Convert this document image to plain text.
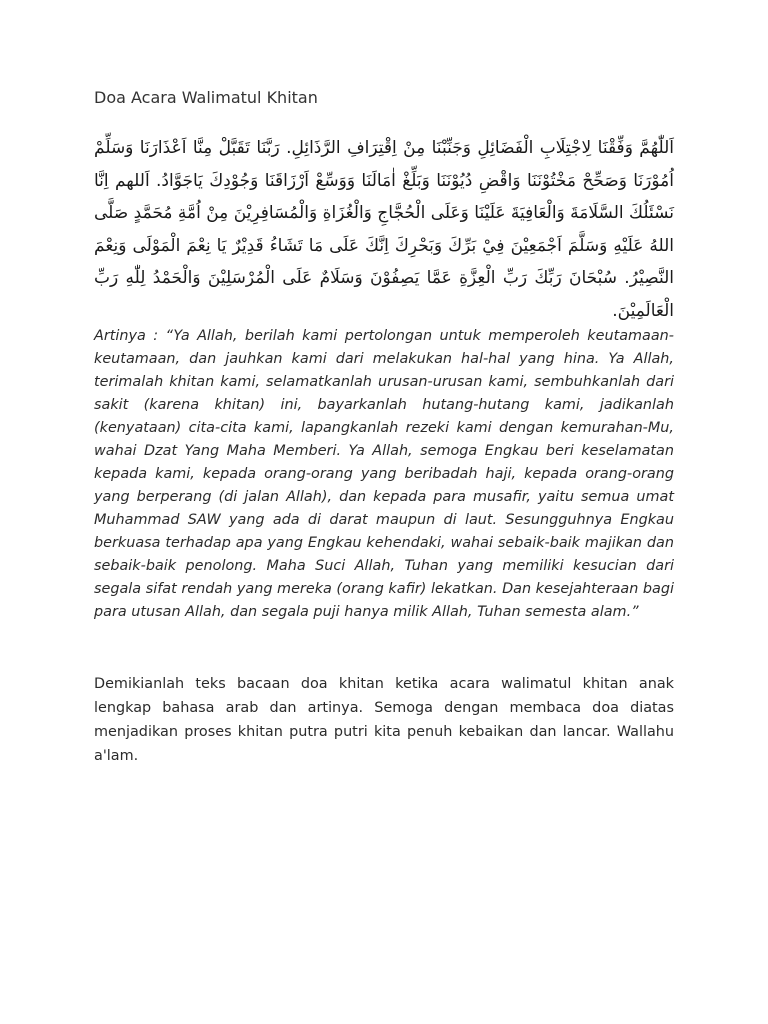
Doa Acara Walimatul Khitan

اَللّٰهُمَّ وَفِّقْنَا لِاجْتِلَابِ الْفَضَائِلِ وَجَنِّبْنَا مِنْ اِقْتِرَافِ الرَّذَائِلِ. رَبَّنَا تَقَبَّلْ مِنَّا اَعْذَارَنَا وَسَلِّمْ اُمُوْرَنَا وَصَحِّحْ مَخْتُوْنَنَا وَاقْضِ دُيُوْنَنَا وَبَلِّغْ اٰمَالَنَا وَوَسِّعْ اَرْزَاقَنَا وَجُوْدِكَ يَاجَوَّادُ. اَللهم اِنَّا نَسْئَلُكَ السَّلَامَةَ وَالْعَافِيَةَ عَلَيْنَا وَعَلَى الْحُجَّاجِ وَالْغُزَاةِ وَالْمُسَافِرِيْنَ مِنْ اُمَّةِ مُحَمَّدٍ صَلَّى اللهُ عَلَيْهِ وَسَلَّمَ اَجْمَعِيْنَ فِيْ بَرِّكَ وَبَحْرِكَ اِنَّكَ عَلَى مَا تَشَاءُ قَدِيْرٌ يَا نِعْمَ الْمَوْلَى وَنِعْمَ النَّصِيْرُ. سُبْحَانَ رَبِّكَ رَبِّ الْعِزَّةِ عَمَّا يَصِفُوْنَ وَسَلَامٌ عَلَى الْمُرْسَلِيْنَ وَالْحَمْدُ لِلّٰهِ رَبِّ الْعَالَمِيْنَ.

Artinya : “Ya Allah, berilah kami pertolongan untuk memperoleh keutamaan-keutamaan, dan jauhkan kami dari melakukan hal-hal yang hina. Ya Allah, terimalah khitan kami, selamatkanlah urusan-urusan kami, sembuhkanlah dari sakit (karena khitan) ini, bayarkanlah hutang-hutang kami, jadikanlah (kenyataan) cita-cita kami, lapangkanlah rezeki kami dengan kemurahan-Mu, wahai Dzat Yang Maha Memberi. Ya Allah, semoga Engkau beri keselamatan kepada kami, kepada orang-orang yang beribadah haji, kepada orang-orang yang berperang (di jalan Allah), dan kepada para musafir, yaitu semua umat Muhammad SAW yang ada di darat maupun di laut. Sesungguhnya Engkau berkuasa terhadap apa yang Engkau kehendaki, wahai sebaik-baik majikan dan sebaik-baik penolong. Maha Suci Allah, Tuhan yang memiliki kesucian dari segala sifat rendah yang mereka (orang kafir) lekatkan. Dan kesejahteraan bagi para utusan Allah, dan segala puji hanya milik Allah, Tuhan semesta alam.”

Demikianlah teks bacaan doa khitan ketika acara walimatul khitan anak lengkap bahasa arab dan artinya. Semoga dengan membaca doa diatas menjadikan proses khitan putra putri kita penuh kebaikan dan lancar. Wallahu a'lam.
